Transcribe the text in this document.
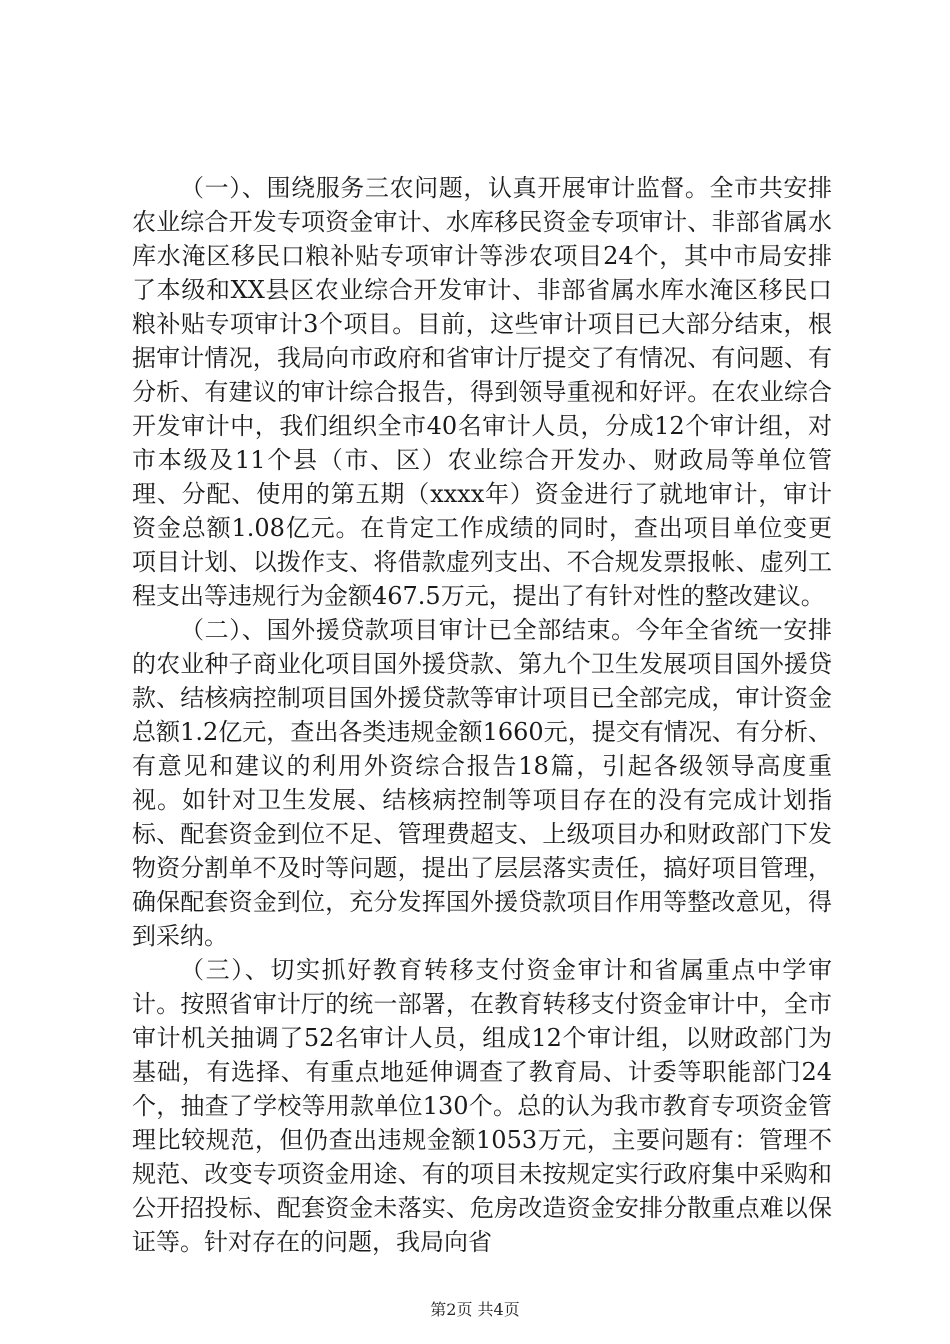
（一）、围绕服务三农问题，认真开展审计监督。全市共安排农业综合开发专项资金审计、水库移民资金专项审计、非部省属水库水淹区移民口粮补贴专项审计等涉农项目24个，其中市局安排了本级和XX县区农业综合开发审计、非部省属水库水淹区移民口粮补贴专项审计3个项目。目前，这些审计项目已大部分结束，根据审计情况，我局向市政府和省审计厅提交了有情况、有问题、有分析、有建议的审计综合报告，得到领导重视和好评。在农业综合开发审计中，我们组织全市40名审计人员，分成12个审计组，对市本级及11个县（市、区）农业综合开发办、财政局等单位管理、分配、使用的第五期（xxxx年）资金进行了就地审计，审计资金总额1.08亿元。在肯定工作成绩的同时，查出项目单位变更项目计划、以拨作支、将借款虚列支出、不合规发票报帐、虚列工程支出等违规行为金额467.5万元，提出了有针对性的整改建议。

（二）、国外援贷款项目审计已全部结束。今年全省统一安排的农业种子商业化项目国外援贷款、第九个卫生发展项目国外援贷款、结核病控制项目国外援贷款等审计项目已全部完成，审计资金总额1.2亿元，查出各类违规金额1660元，提交有情况、有分析、有意见和建议的利用外资综合报告18篇，引起各级领导高度重视。如针对卫生发展、结核病控制等项目存在的没有完成计划指标、配套资金到位不足、管理费超支、上级项目办和财政部门下发物资分割单不及时等问题，提出了层层落实责任，搞好项目管理，确保配套资金到位，充分发挥国外援贷款项目作用等整改意见，得到采纳。

（三）、切实抓好教育转移支付资金审计和省属重点中学审计。按照省审计厅的统一部署，在教育转移支付资金审计中，全市审计机关抽调了52名审计人员，组成12个审计组，以财政部门为基础，有选择、有重点地延伸调查了教育局、计委等职能部门24个，抽查了学校等用款单位130个。总的认为我市教育专项资金管理比较规范，但仍查出违规金额1053万元，主要问题有：管理不规范、改变专项资金用途、有的项目未按规定实行政府集中采购和公开招投标、配套资金未落实、危房改造资金安排分散重点难以保证等。针对存在的问题，我局向省

第2页 共4页
